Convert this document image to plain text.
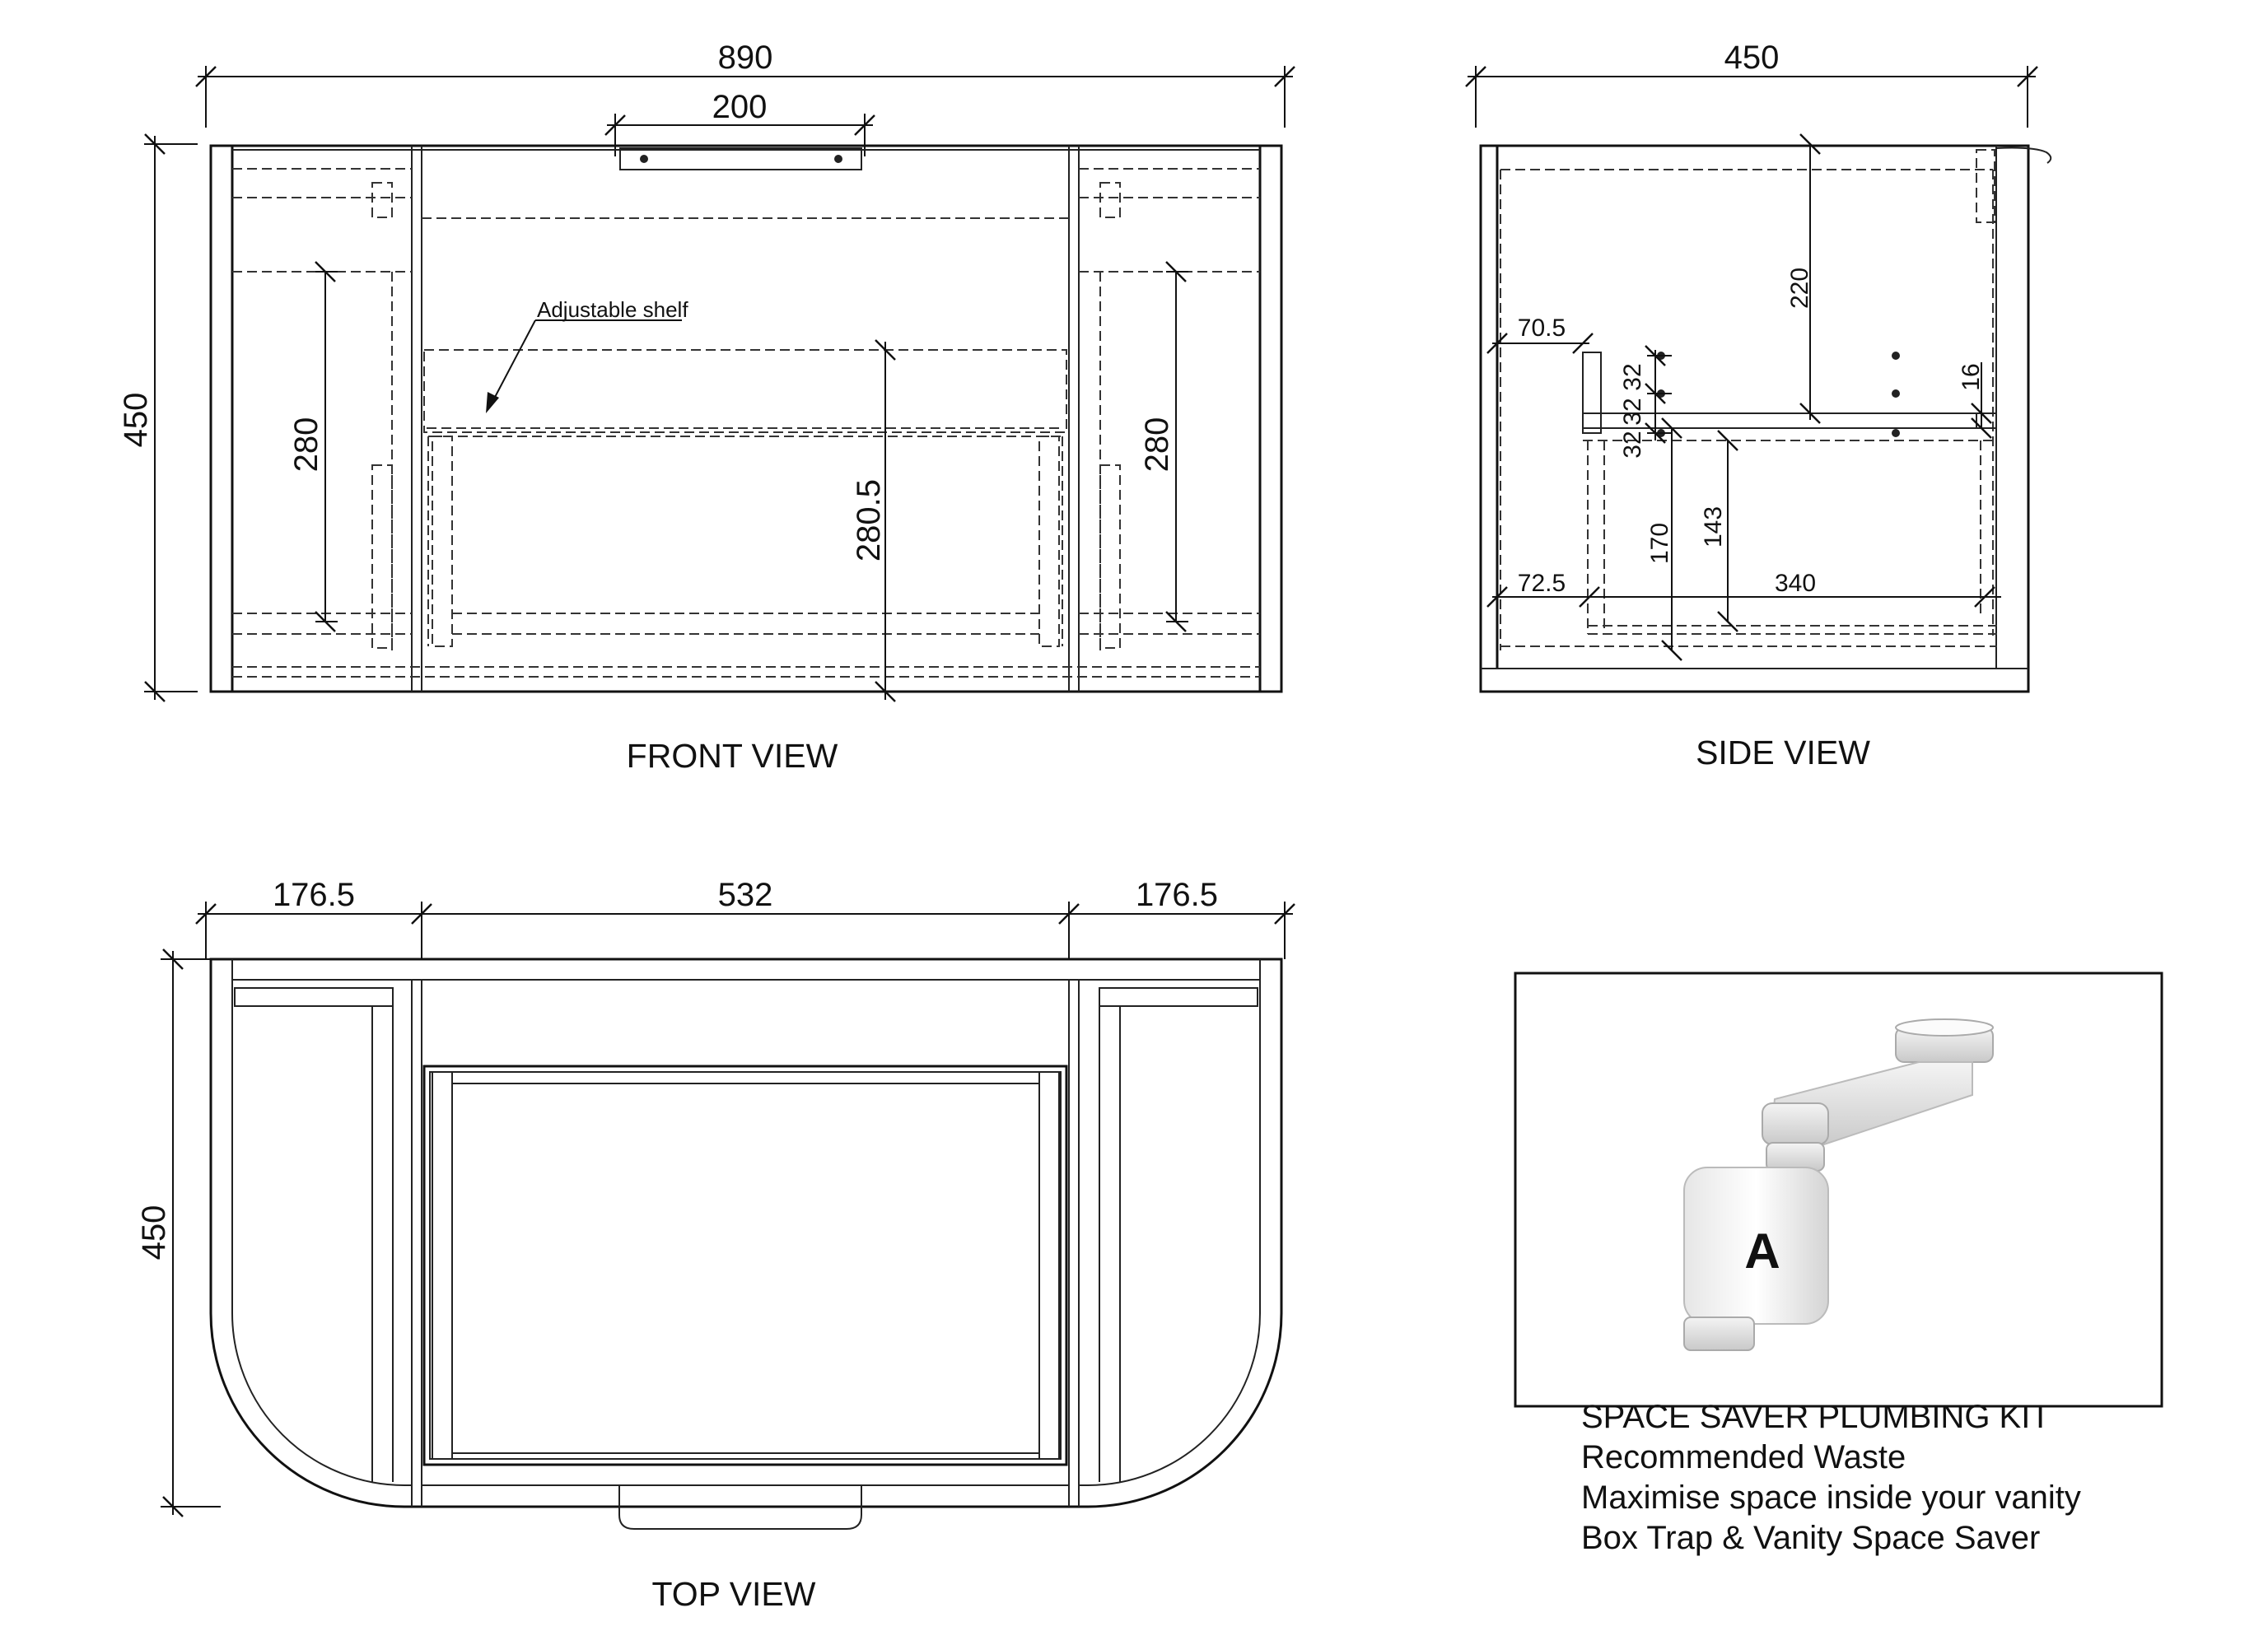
890
200
450	280	280
280.5
Adjustable shelf
FRONT VIEW
450
220
70.5
72.5
32
32
32
16
170 143
340
SIDE VIEW
176.5	532	176.5
450
TOP VIEW
A
SPACE SAVER PLUMBING KIT
Recommended Waste
Maximise space inside your vanity
Box Trap & Vanity Space Saver
